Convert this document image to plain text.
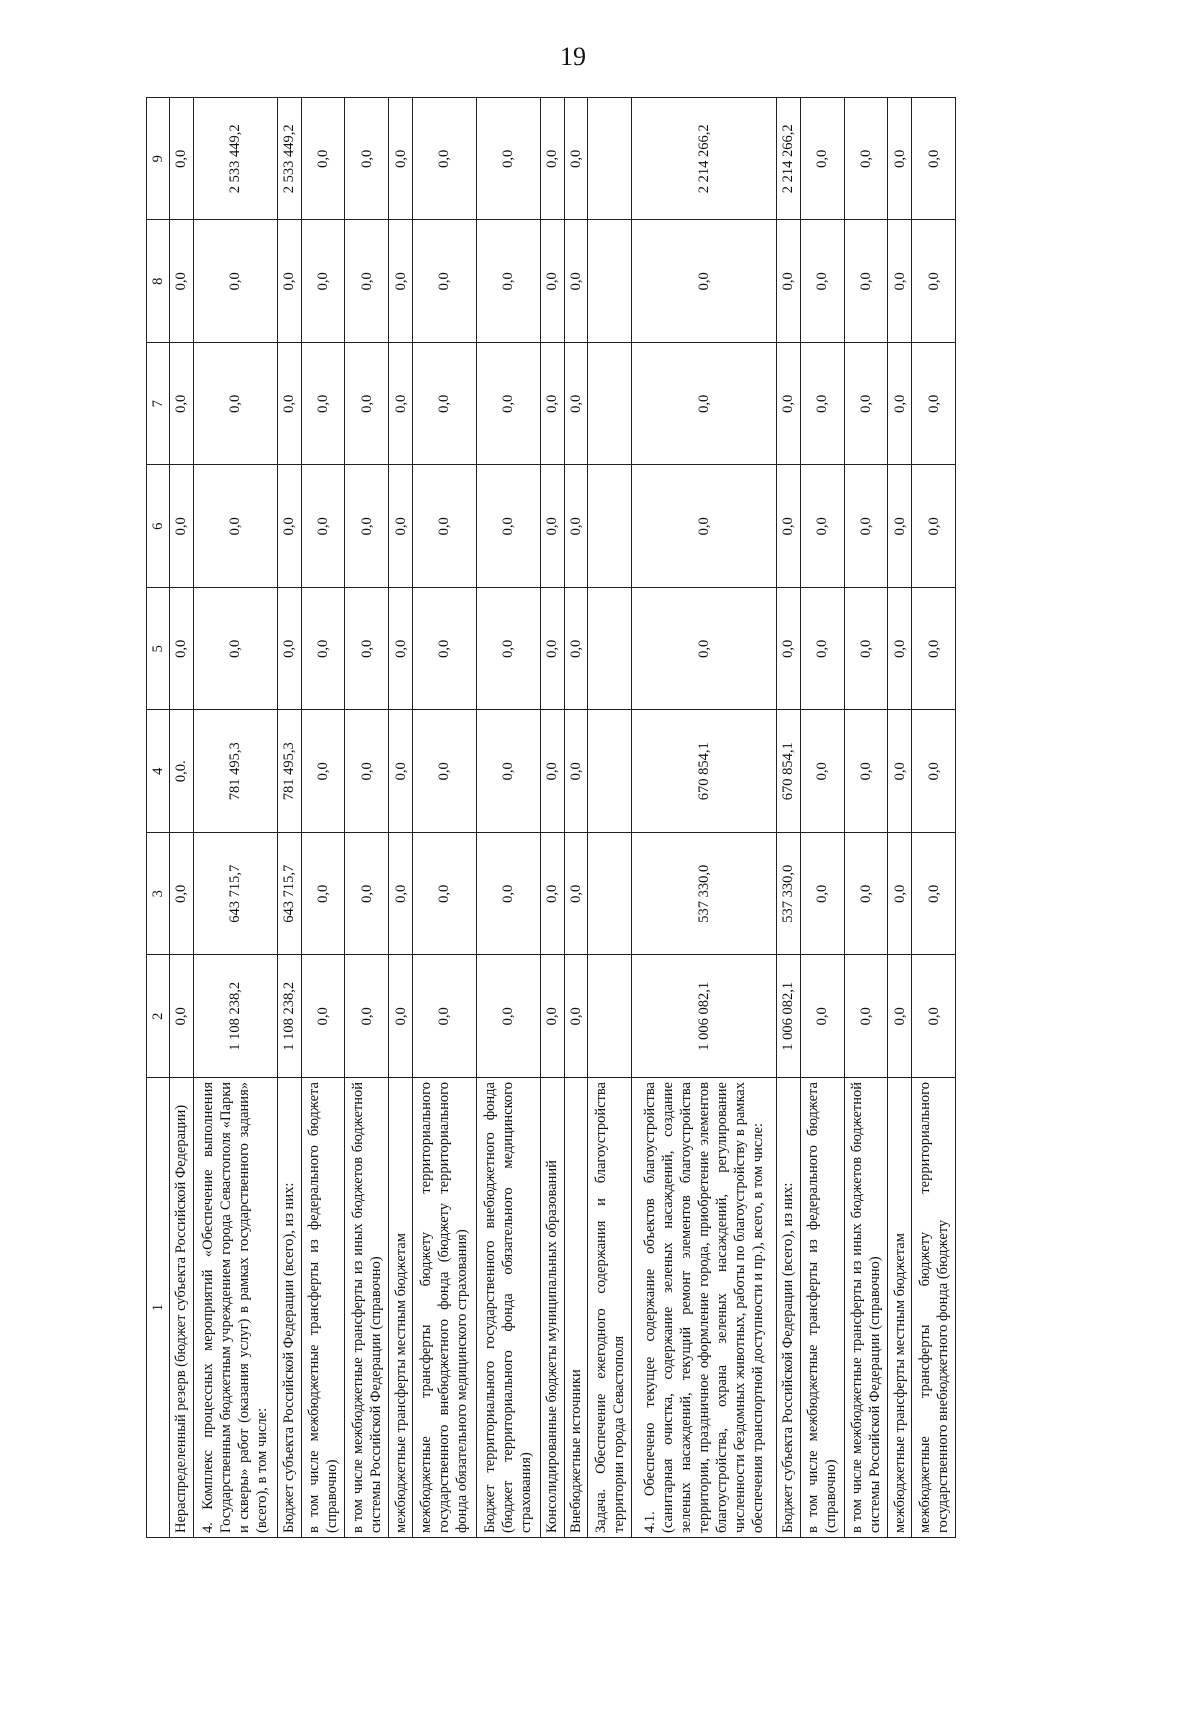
19
1	2	3	4	5	6	7	8	9
Нераспределенный резерв (бюджет субъекта Российской Федерации)	0,0	0,0	0,0.	0,0	0,0	0,0	0,0	0,0
4. Комплекс процессных мероприятий «Обеспечение выполнения Государственным бюджетным учреждением города Севастополя «Парки и скверы» работ (оказания услуг) в рамках государственного задания» (всего), в том числе:	1 108 238,2	643 715,7	781 495,3	0,0	0,0	0,0	0,0	2 533 449,2
Бюджет субъекта Российской Федерации (всего), из них:	1 108 238,2	643 715,7	781 495,3	0,0	0,0	0,0	0,0	2 533 449,2
в том числе межбюджетные трансферты из федерального бюджета (справочно)	0,0	0,0	0,0	0,0	0,0	0,0	0,0	0,0
в том числе межбюджетные трансферты из иных бюджетов бюджетной системы Российской Федерации (справочно)	0,0	0,0	0,0	0,0	0,0	0,0	0,0	0,0
межбюджетные трансферты местным бюджетам	0,0	0,0	0,0	0,0	0,0	0,0	0,0	0,0
межбюджетные трансферты бюджету территориального государственного внебюджетного фонда (бюджету территориального фонда обязательного медицинского страхования)	0,0	0,0	0,0	0,0	0,0	0,0	0,0	0,0
Бюджет территориального государственного внебюджетного фонда (бюджет территориального фонда обязательного медицинского страхования)	0,0	0,0	0,0	0,0	0,0	0,0	0,0	0,0
Консолидированные бюджеты муниципальных образований	0,0	0,0	0,0	0,0	0,0	0,0	0,0	0,0
Внебюджетные источники	0,0	0,0	0,0	0,0	0,0	0,0	0,0	0,0
Задача. Обеспечение ежегодного содержания и благоустройства территории города Севастополя								
4.1. Обеспечено текущее содержание объектов благоустройства (санитарная очистка, содержание зеленых насаждений, создание зеленых насаждений, текущий ремонт элементов благоустройства территории, праздничное оформление города, приобретение элементов благоустройства, охрана зеленых насаждений, регулирование численности бездомных животных, работы по благоустройству в рамках обеспечения транспортной доступности и пр.), всего, в том числе:	1 006 082,1	537 330,0	670 854,1	0,0	0,0	0,0	0,0	2 214 266,2
Бюджет субъекта Российской Федерации (всего), из них:	1 006 082,1	537 330,0	670 854,1	0,0	0,0	0,0	0,0	2 214 266,2
в том числе межбюджетные трансферты из федерального бюджета (справочно)	0,0	0,0	0,0	0,0	0,0	0,0	0,0	0,0
в том числе межбюджетные трансферты из иных бюджетов бюджетной системы Российской Федерации (справочно)	0,0	0,0	0,0	0,0	0,0	0,0	0,0	0,0
межбюджетные трансферты местным бюджетам	0,0	0,0	0,0	0,0	0,0	0,0	0,0	0,0
межбюджетные трансферты бюджету территориального государственного внебюджетного фонда (бюджету	0,0	0,0	0,0	0,0	0,0	0,0	0,0	0,0
